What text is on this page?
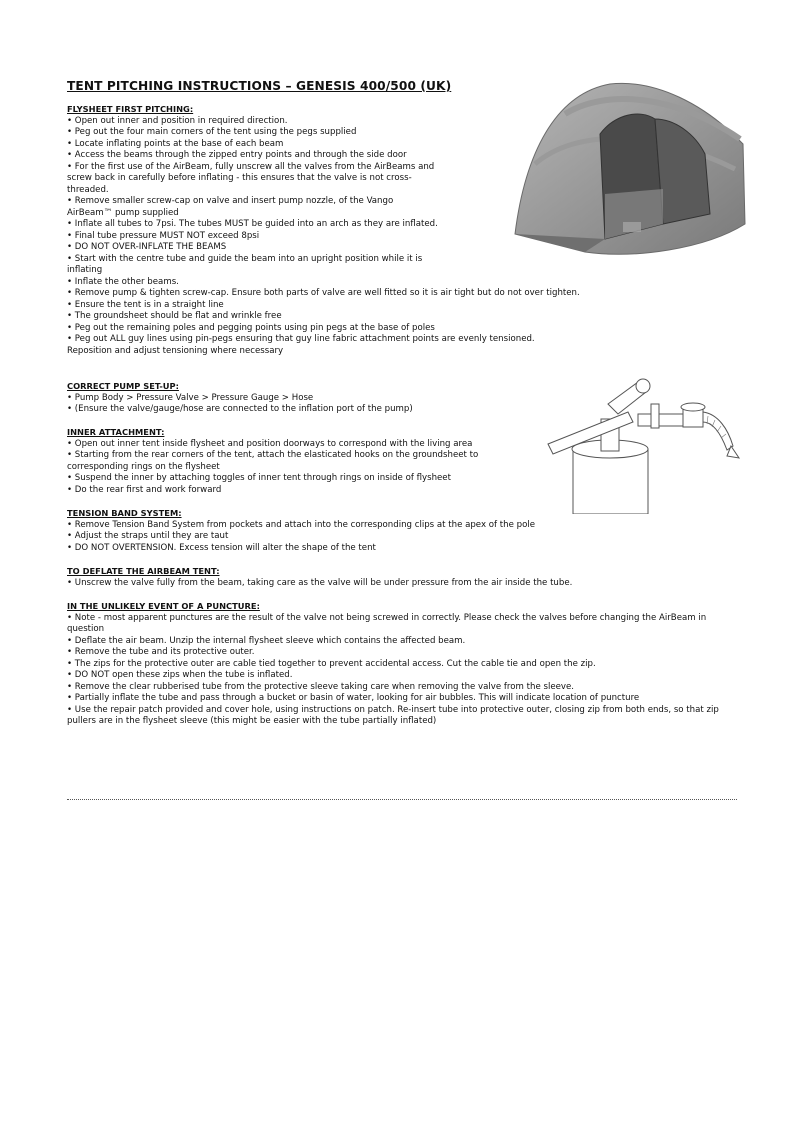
TENT PITCHING INSTRUCTIONS – GENESIS 400/500 (UK)

FLYSHEET FIRST PITCHING:

• Open out inner and position in required direction.

• Peg out the four main corners of the tent using the pegs supplied

• Locate inflating points at the base of each beam

• Access the beams through the zipped entry points and through the side door

• For the first use of the AirBeam, fully unscrew all the valves from the AirBeams and

screw back in carefully before inflating - this ensures that the valve is not cross-

threaded.

• Remove smaller screw-cap on valve and insert pump nozzle, of the Vango

AirBeam™ pump supplied

• Inflate all tubes to 7psi. The tubes MUST be guided into an arch as they are inflated.

• Final tube pressure MUST NOT exceed 8psi

• DO NOT OVER-INFLATE THE BEAMS

• Start with the centre tube and guide the beam into an upright position while it is

inflating

• Inflate the other beams.

• Remove pump & tighten screw-cap. Ensure both parts of valve are well fitted so it is air tight but do not over tighten.

• Ensure the tent is in a straight line

• The groundsheet should be flat and wrinkle free

• Peg out the remaining poles and pegging points using pin pegs at the base of poles

• Peg out ALL guy lines using pin-pegs ensuring that guy line fabric attachment points are evenly tensioned.

Reposition and adjust tensioning where necessary

CORRECT PUMP SET-UP:

• Pump Body > Pressure Valve > Pressure Gauge > Hose

• (Ensure the valve/gauge/hose are connected to the inflation port of the pump)

INNER ATTACHMENT:

• Open out inner tent inside flysheet and position doorways to correspond with the living area

• Starting from the rear corners of the tent, attach the elasticated hooks on the groundsheet to

corresponding rings on the flysheet

• Suspend the inner by attaching toggles of inner tent through rings on inside of flysheet

• Do the rear first and work forward

TENSION BAND SYSTEM:

• Remove Tension Band System from pockets and attach into the corresponding clips at the apex of the pole

• Adjust the straps until they are taut

• DO NOT OVERTENSION. Excess tension will alter the shape of the tent

TO DEFLATE THE AIRBEAM TENT:

• Unscrew the valve fully from the beam, taking care as the valve will be under pressure from the air inside the tube.

IN THE UNLIKELY EVENT OF A PUNCTURE:

• Note - most apparent punctures are the result of the valve not being screwed in correctly. Please check the valves before changing the AirBeam in

question

• Deflate the air beam. Unzip the internal flysheet sleeve which contains the affected beam.

• Remove the tube and its protective outer.

• The zips for the protective outer are cable tied together to prevent accidental access. Cut the cable tie and open the zip.

• DO NOT open these zips when the tube is inflated.

• Remove the clear rubberised tube from the protective sleeve taking care when removing the valve from the sleeve.

• Partially inflate the tube and pass through a bucket or basin of water, looking for air bubbles. This will indicate location of puncture

• Use the repair patch provided and cover hole, using instructions on patch. Re-insert tube into protective outer, closing zip from both ends, so that zip

pullers are in the flysheet sleeve (this might be easier with the tube partially inflated)
